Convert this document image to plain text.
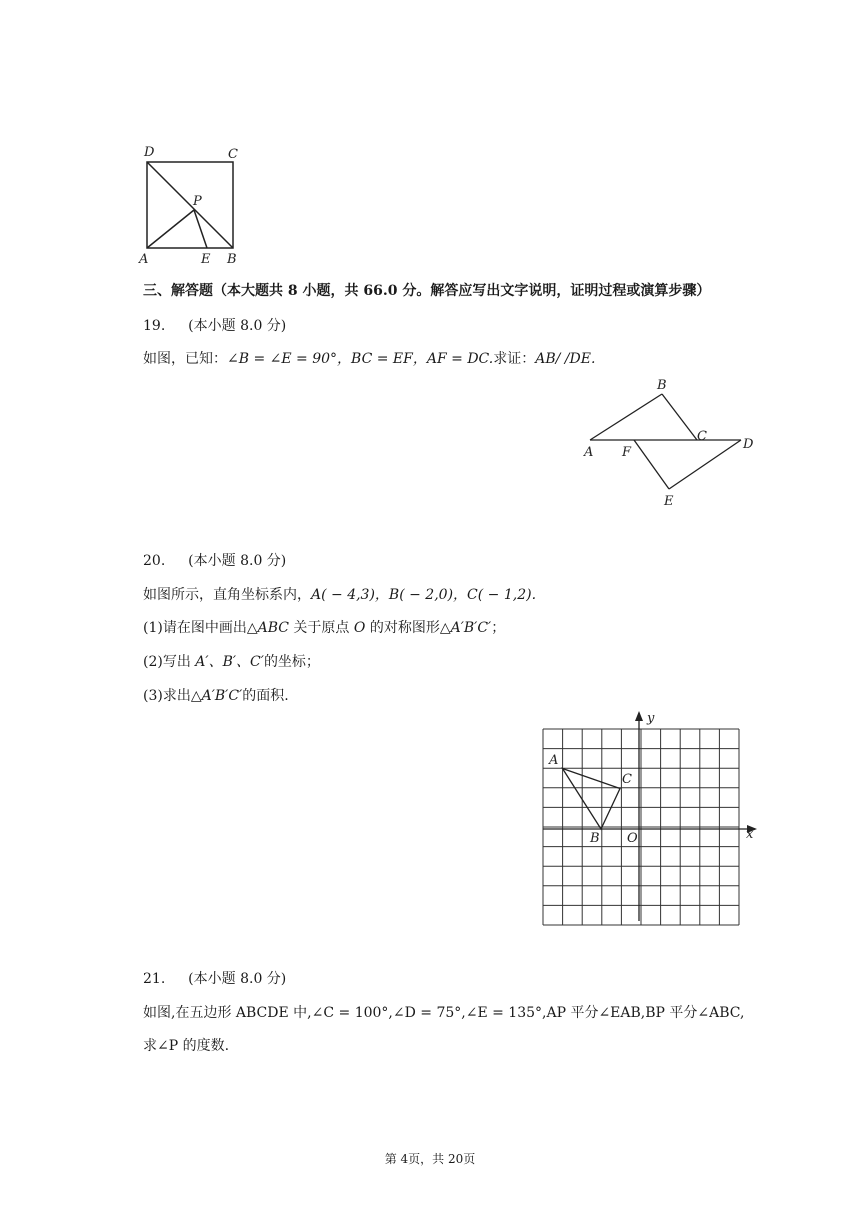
D	C
P
A	E B
三、解答题（本大题共 8 小题，共 66.0 分。解答应写出文字说明，证明过程或演算步骤）
19. (本小题 8.0 分)
如图，已知：∠B = ∠E = 90°，BC = EF，AF = DC.求证：AB/ /DE.
B
C
D
A F
E
20. (本小题 8.0 分)
如图所示，直角坐标系内，A( − 4,3)，B( − 2,0)，C( − 1,2).
(1)请在图中画出△ABC 关于原点 O 的对称图形△A′B′C′；
(2)写出 A′、B′、C′的坐标；
(3)求出△A′B′C′的面积.
A
B
C
O
y
x
21. (本小题 8.0 分)
如图,在五边形 ABCDE 中,∠C = 100°,∠D = 75°,∠E = 135°,AP 平分∠EAB,BP 平分∠ABC,
求∠P 的度数.
第 4页，共 20页
